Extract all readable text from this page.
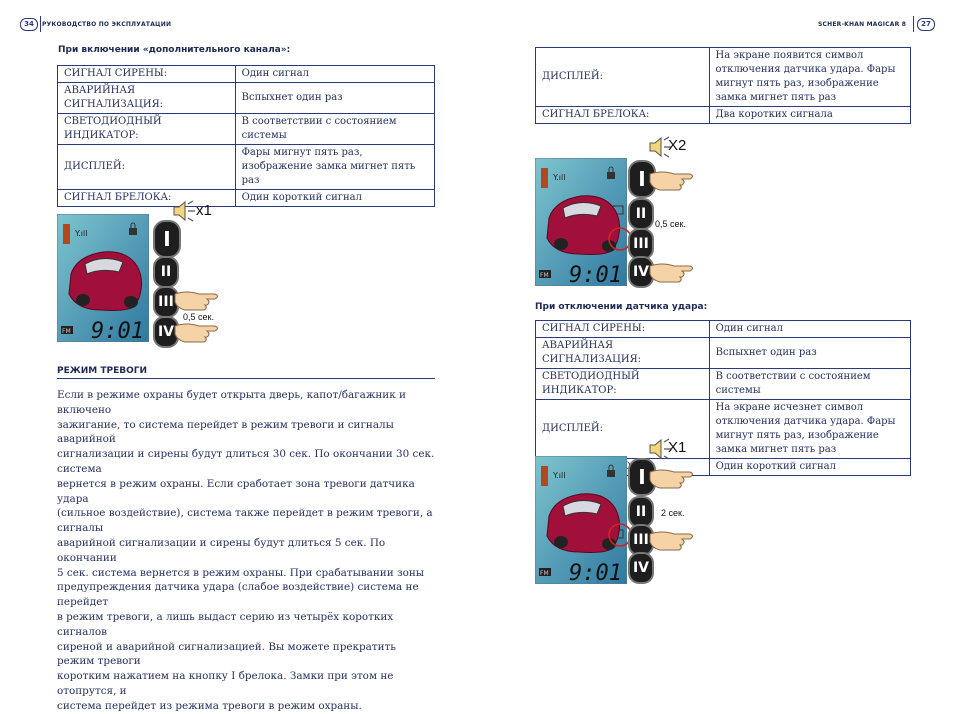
34	РУКОВОДСТВО ПО ЭКСПЛУАТАЦИИ	SCHER-KHAN MAGICAR 8	27
При включении «дополнительного канала»:
СИГНАЛ СИРЕНЫ:	Один сигнал
АВАРИЙНАЯ СИГНАЛИЗАЦИЯ:	Вспыхнет один раз
СВЕТОДИОДНЫЙ ИНДИКАТОР:	В соответствии с состоянием системы
ДИСПЛЕЙ:	Фары мигнут пять раз, изображение замка мигнет пять раз
СИГНАЛ БРЕЛОКА:	Один короткий сигнал
Y.ıll
9:01
FM
x1
I
II
III
0,5 сек.
IV
РЕЖИМ ТРЕВОГИ

Если в режиме охраны будет открыта дверь, капот/багажник и включено

зажигание, то система перейдет в режим тревоги и сигналы аварийной

сигнализации и сирены будут длиться 30 сек. По окончании 30 сек. система

вернется в режим охраны. Если сработает зона тревоги датчика удара

(сильное воздействие), система также перейдет в режим тревоги, а сигналы

аварийной сигнализации и сирены будут длиться 5 сек. По окончании

5 сек. система вернется в режим охраны. При срабатывании зоны

предупреждения датчика удара (слабое воздействие) система не перейдет

в режим тревоги, а лишь выдаст серию из четырёх коротких сигналов

сиреной и аварийной сигнализацией. Вы можете прекратить режим тревоги

коротким нажатием на кнопку I брелока. Замки при этом не отопрутся, и

система перейдет из режима тревоги в режим охраны.

ДИСПЛЕЙ:	На экране появится символ отключения датчика удара. Фары мигнут пять раз, изображение замка мигнет пять раз
СИГНАЛ БРЕЛОКА:	Два коротких сигнала
Y.ıll
9:01
FM
X2
I
II
0,5 сек.
III
IV
При отключении датчика удара:
СИГНАЛ СИРЕНЫ:	Один сигнал
АВАРИЙНАЯ СИГНАЛИЗАЦИЯ:	Вспыхнет один раз
СВЕТОДИОДНЫЙ ИНДИКАТОР:	В соответствии с состоянием системы
ДИСПЛЕЙ:	На экране исчезнет символ отключения датчика удара. Фары мигнут пять раз, изображение замка мигнет пять раз
	Один короткий сигнал
Y.ıll
9:01
FM
X1
I
II	2 сек.
III
IV
